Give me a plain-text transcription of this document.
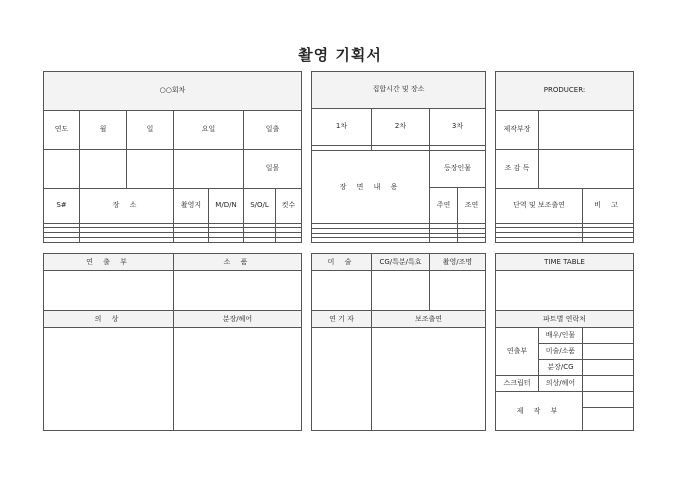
촬영 기획서
○○회차						
연도	월	일	요일		일출	
					일몰	
S#	장 소		촬영지	M/D/N	S/O/L	컷수

집합시간 및 장소			
1차	2차	3차	

장 면 내 용		등장인물	
		주연	조연

PRODUCER:		
제작부장		
조 감 독		
단역 및 보조출연		비 고

연 출 부	소 품

의 상	분장/헤어

미 술	CG/특분/특효	촬영/조명

연 기 자	보조출연	

TIME TABLE		

파트별 연락처		
연출부	배우/인물	
	미술/소품	
	분장/CG	
스크립터	의상/헤어	
제 작 부		
